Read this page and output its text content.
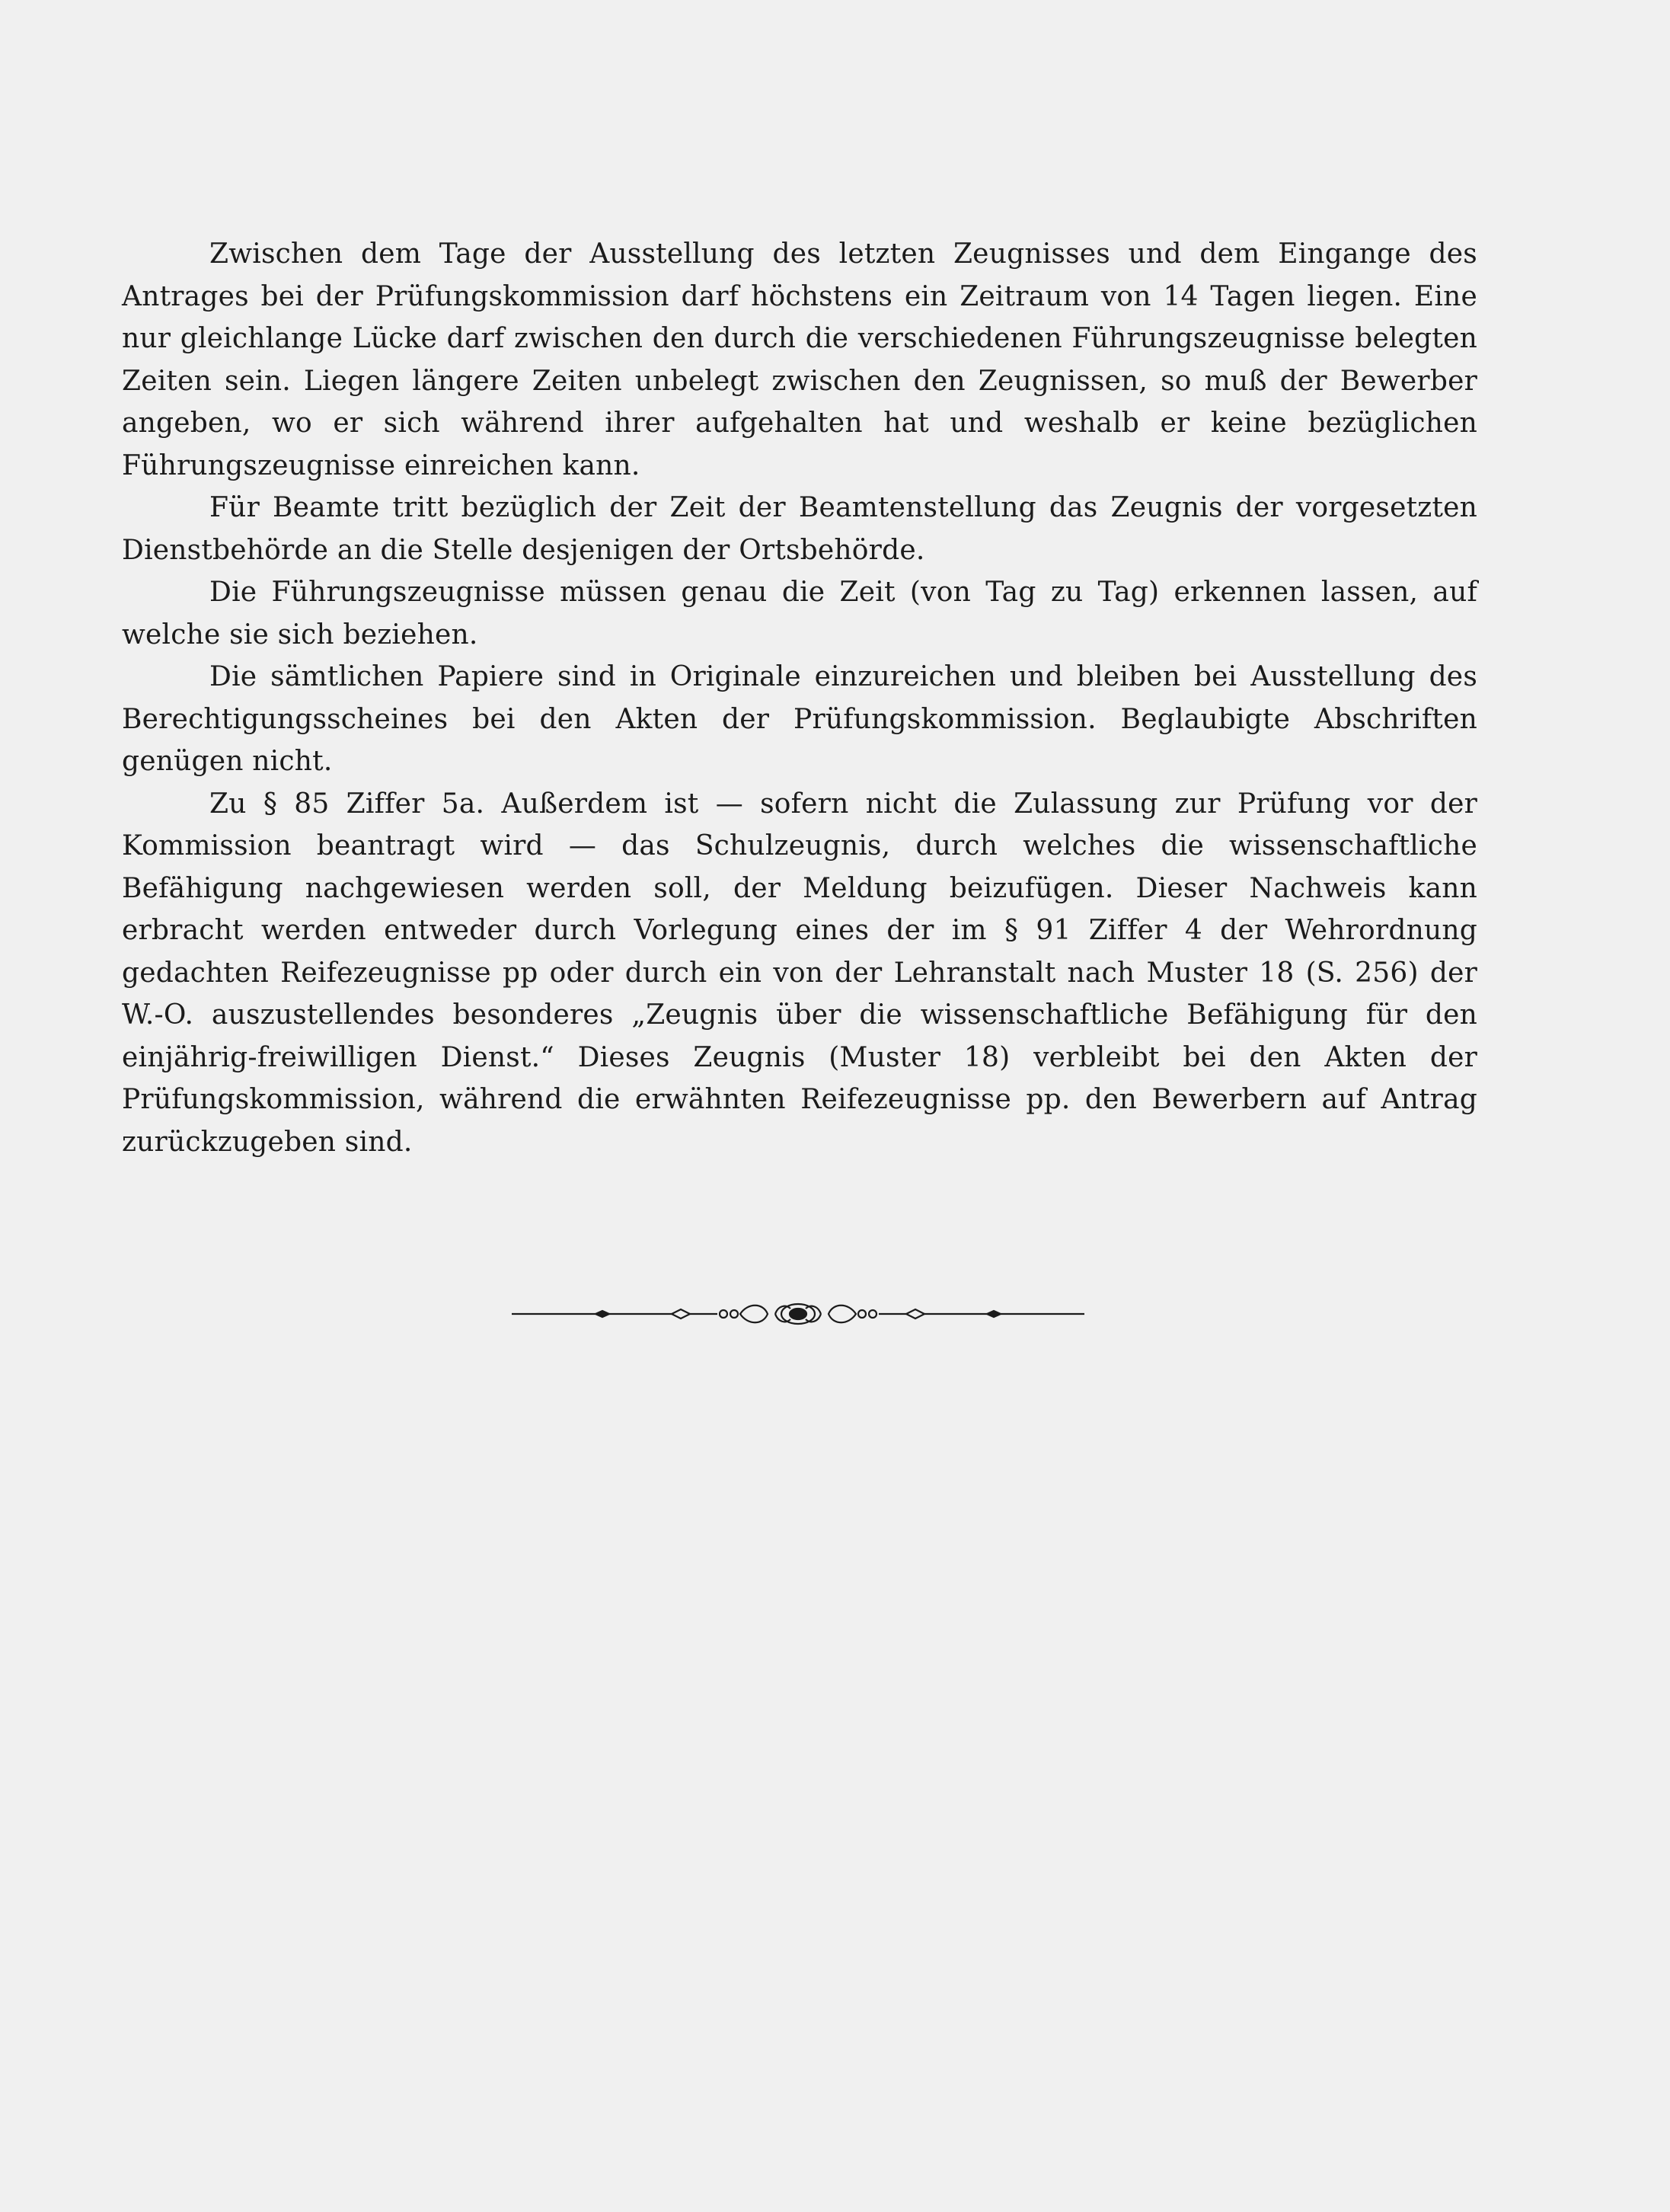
Zwischen dem Tage der Ausstellung des letzten Zeugnisses und dem Eingange des Antrages bei der Prüfungskommission darf höchstens ein Zeitraum von 14 Tagen liegen. Eine nur gleichlange Lücke darf zwischen den durch die verschiedenen Führungszeugnisse belegten Zeiten sein. Liegen längere Zeiten unbelegt zwischen den Zeugnissen, so muß der Bewerber angeben, wo er sich während ihrer aufgehalten hat und weshalb er keine bezüglichen Führungszeugnisse einreichen kann.

Für Beamte tritt bezüglich der Zeit der Beamtenstellung das Zeugnis der vorgesetzten Dienstbehörde an die Stelle desjenigen der Ortsbehörde.

Die Führungszeugnisse müssen genau die Zeit (von Tag zu Tag) erkennen lassen, auf welche sie sich beziehen.

Die sämtlichen Papiere sind in Originale einzureichen und bleiben bei Ausstellung des Berechtigungsscheines bei den Akten der Prüfungskommission. Beglaubigte Abschriften genügen nicht.

Zu § 85 Ziffer 5a. Außerdem ist — sofern nicht die Zulassung zur Prüfung vor der Kommission beantragt wird — das Schulzeugnis, durch welches die wissenschaftliche Befähigung nachgewiesen werden soll, der Meldung beizufügen. Dieser Nachweis kann erbracht werden entweder durch Vorlegung eines der im § 91 Ziffer 4 der Wehrordnung gedachten Reifezeugnisse pp oder durch ein von der Lehranstalt nach Muster 18 (S. 256) der W.-O. auszustellendes besonderes „Zeugnis über die wissenschaftliche Befähigung für den einjährig-freiwilligen Dienst.“ Dieses Zeugnis (Muster 18) verbleibt bei den Akten der Prüfungskommission, während die erwähnten Reifezeugnisse pp. den Bewerbern auf Antrag zurückzugeben sind.
